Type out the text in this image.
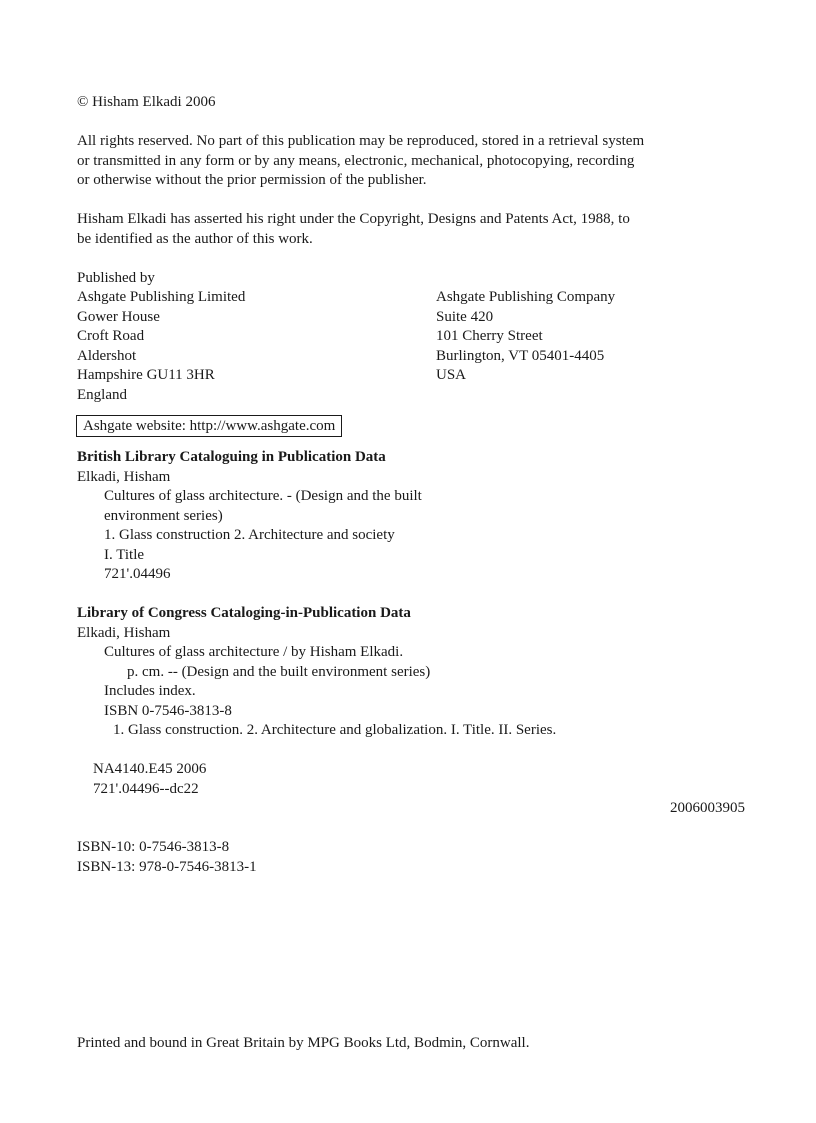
© Hisham Elkadi 2006
All rights reserved. No part of this publication may be reproduced, stored in a retrieval system
or transmitted in any form or by any means, electronic, mechanical, photocopying, recording
or otherwise without the prior permission of the publisher.
Hisham Elkadi has asserted his right under the Copyright, Designs and Patents Act, 1988, to
be identified as the author of this work.
Published by
Ashgate Publishing Limited
Gower House
Croft Road
Aldershot
Hampshire GU11 3HR
England
Ashgate Publishing Company
Suite 420
101 Cherry Street
Burlington, VT 05401-4405
USA
Ashgate website: http://www.ashgate.com
British Library Cataloguing in Publication Data
Elkadi, Hisham
Cultures of glass architecture. - (Design and the built
environment series)
1. Glass construction 2. Architecture and society
I. Title
721'.04496
Library of Congress Cataloging-in-Publication Data
Elkadi, Hisham
Cultures of glass architecture / by Hisham Elkadi.
p. cm. -- (Design and the built environment series)
Includes index.
ISBN 0-7546-3813-8
1. Glass construction. 2. Architecture and globalization. I. Title. II. Series.
NA4140.E45 2006
721'.04496--dc22
2006003905
ISBN-10: 0-7546-3813-8
ISBN-13: 978-0-7546-3813-1
Printed and bound in Great Britain by MPG Books Ltd, Bodmin, Cornwall.
